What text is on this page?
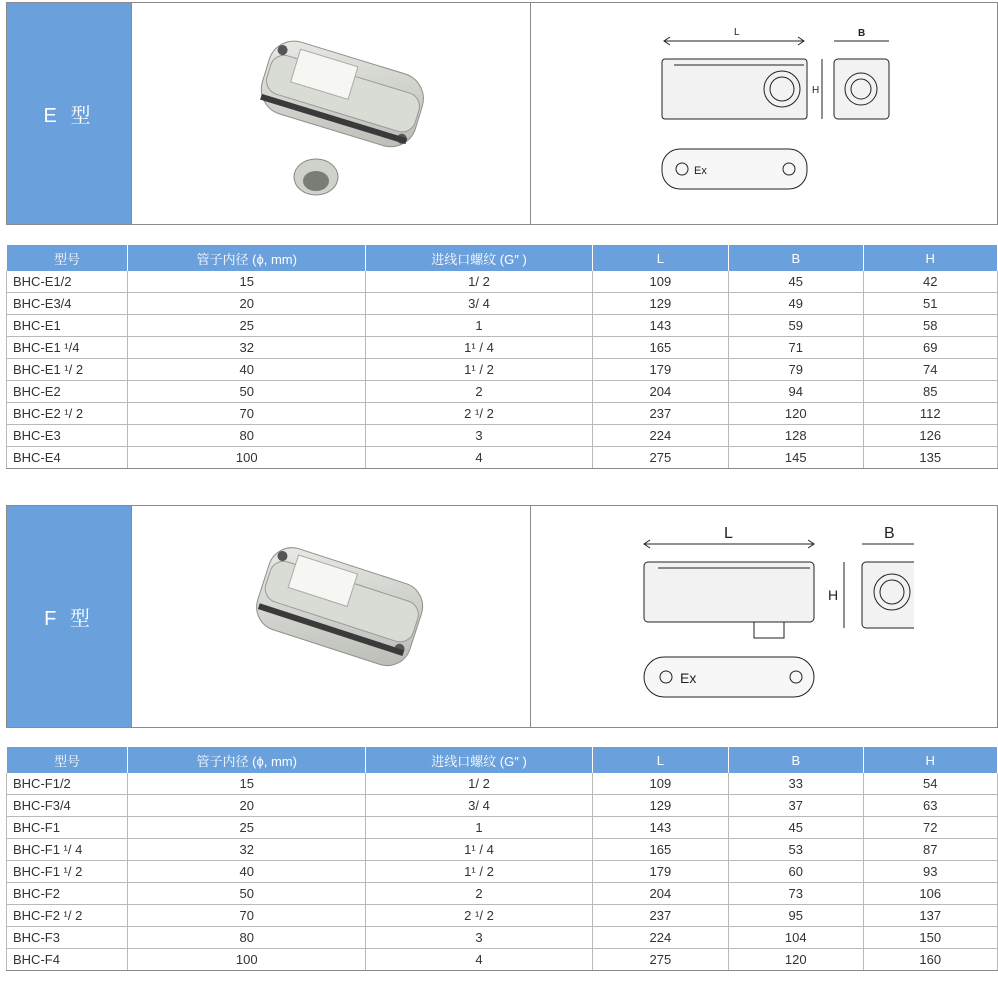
E 型
L	B
H
Ex
型号	管子内径 (ϕ, mm)	进线口螺纹 (G″ )	L	B	H
BHC-E1/2	15	1/ 2	109	45	42
BHC-E3/4	20	3/ 4	129	49	51
BHC-E1	25	1	143	59	58
BHC-E1 ¹/4	32	1¹ / 4	165	71	69
BHC-E1 ¹/ 2	40	1¹ / 2	179	79	74
BHC-E2	50	2	204	94	85
BHC-E2 ¹/ 2	70	2 ¹/ 2	237	120	112
BHC-E3	80	3	224	128	126
BHC-E4	100	4	275	145	135
F 型
L	B
H
Ex
型号	管子内径 (ϕ, mm)	进线口螺纹 (G″ )	L	B	H
BHC-F1/2	15	1/ 2	109	33	54
BHC-F3/4	20	3/ 4	129	37	63
BHC-F1	25	1	143	45	72
BHC-F1 ¹/ 4	32	1¹ / 4	165	53	87
BHC-F1 ¹/ 2	40	1¹ / 2	179	60	93
BHC-F2	50	2	204	73	106
BHC-F2 ¹/ 2	70	2 ¹/ 2	237	95	137
BHC-F3	80	3	224	104	150
BHC-F4	100	4	275	120	160
